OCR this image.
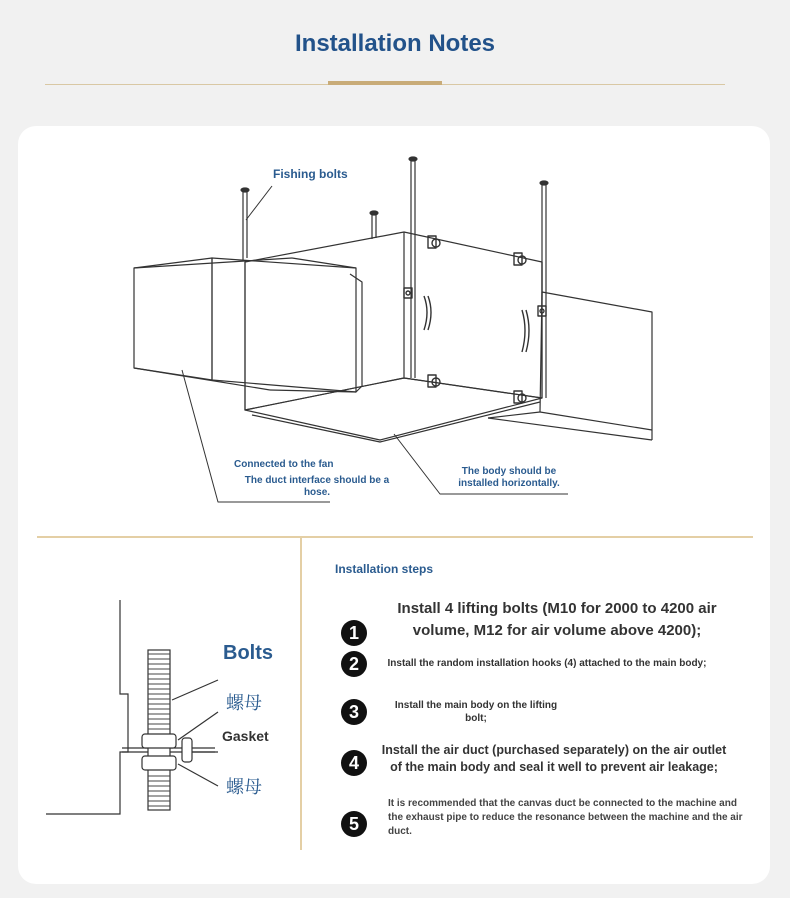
Installation Notes
Fishing bolts
Connected to the fan
The duct interface should be a hose.
The body should be installed horizontally.
Bolts
螺母
Gasket
螺母
Installation steps
1
Install 4 lifting bolts (M10 for 2000 to 4200 air volume, M12 for air volume above 4200);
2	Install the random installation hooks (4) attached to the main body;
3	Install the main body on the lifting bolt;
4
Install the air duct (purchased separately) on the air outlet of the main body and seal it well to prevent air leakage;
5
It is recommended that the canvas duct be connected to the machine and the exhaust pipe to reduce the resonance between the machine and the air duct.
